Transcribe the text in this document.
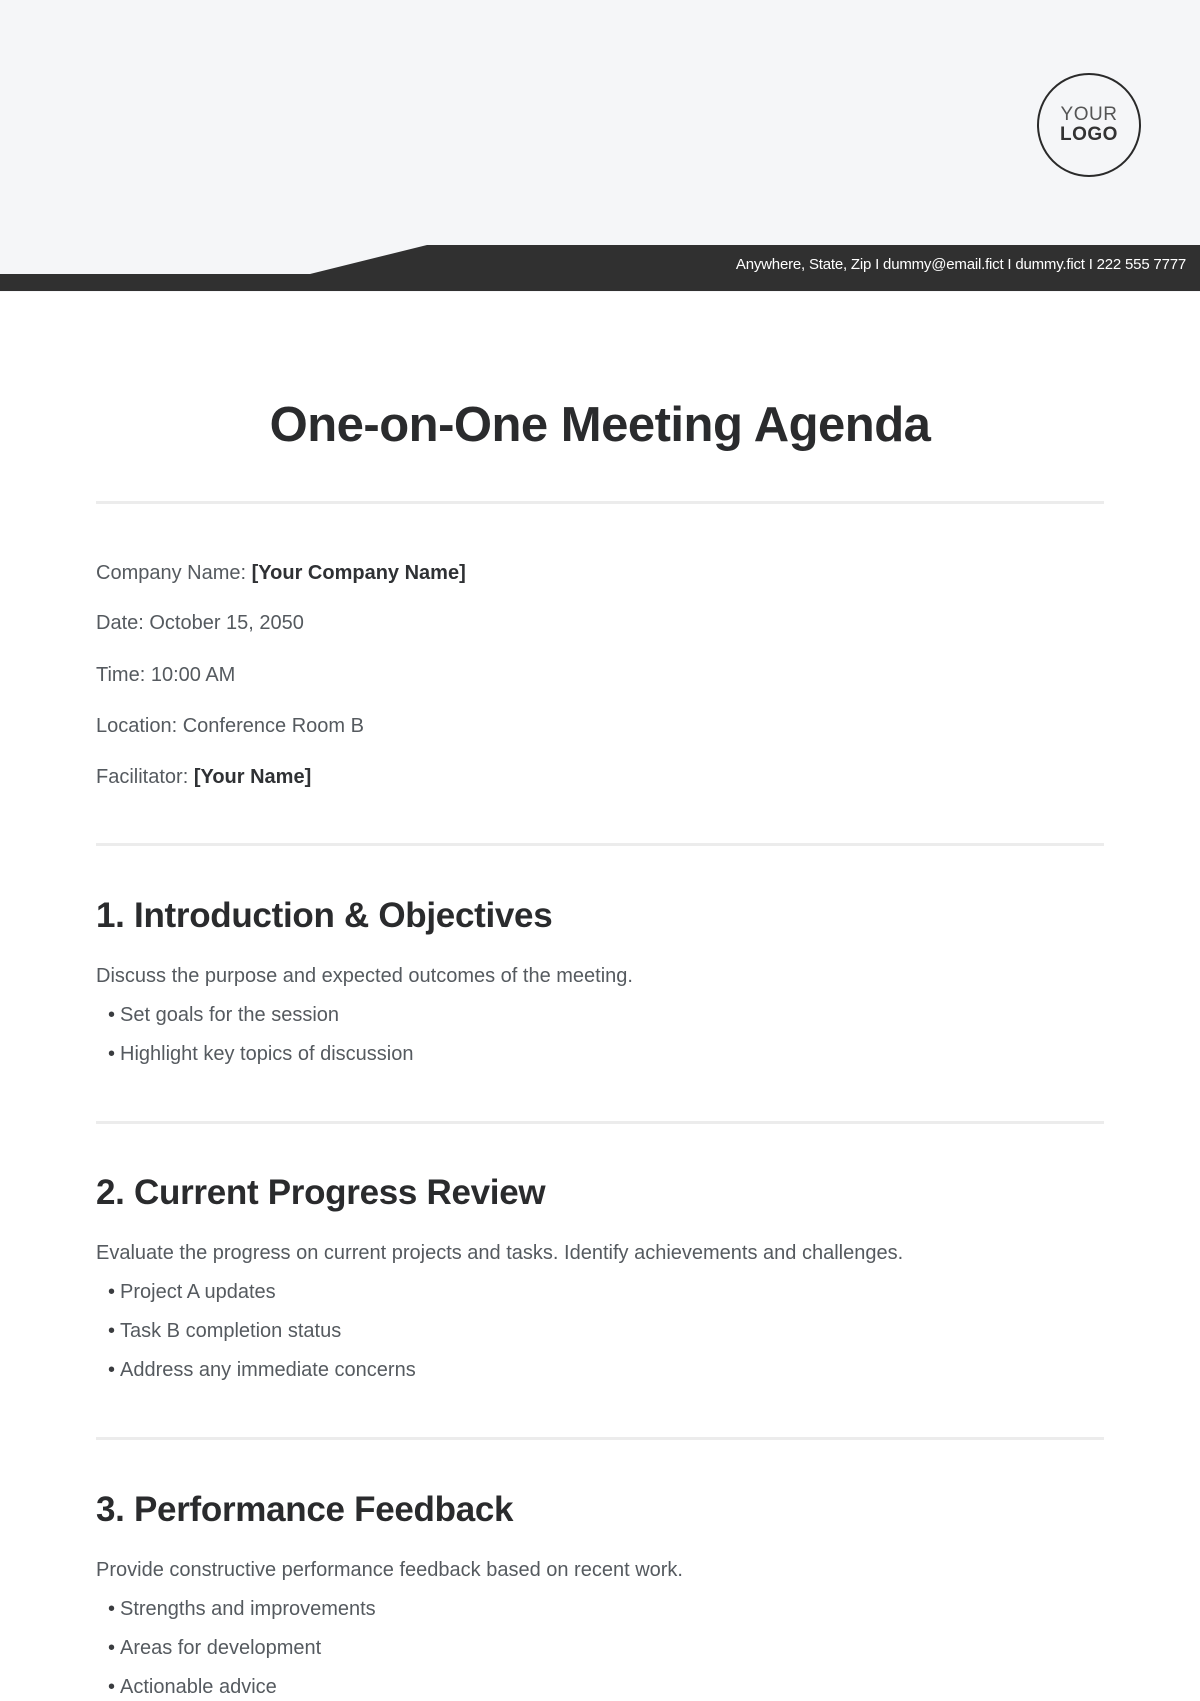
Anywhere, State, Zip I dummy@email.fict I dummy.fict I 222 555 7777
YOUR
LOGO
One-on-One Meeting Agenda
Company Name: [Your Company Name]
Date: October 15, 2050
Time: 10:00 AM
Location: Conference Room B
Facilitator: [Your Name]
1. Introduction & Objectives

Discuss the purpose and expected outcomes of the meeting.

• Set goals for the session
• Highlight key topics of discussion
2. Current Progress Review

Evaluate the progress on current projects and tasks. Identify achievements and challenges.

• Project A updates
• Task B completion status
• Address any immediate concerns
3. Performance Feedback

Provide constructive performance feedback based on recent work.

• Strengths and improvements
• Areas for development
• Actionable advice
